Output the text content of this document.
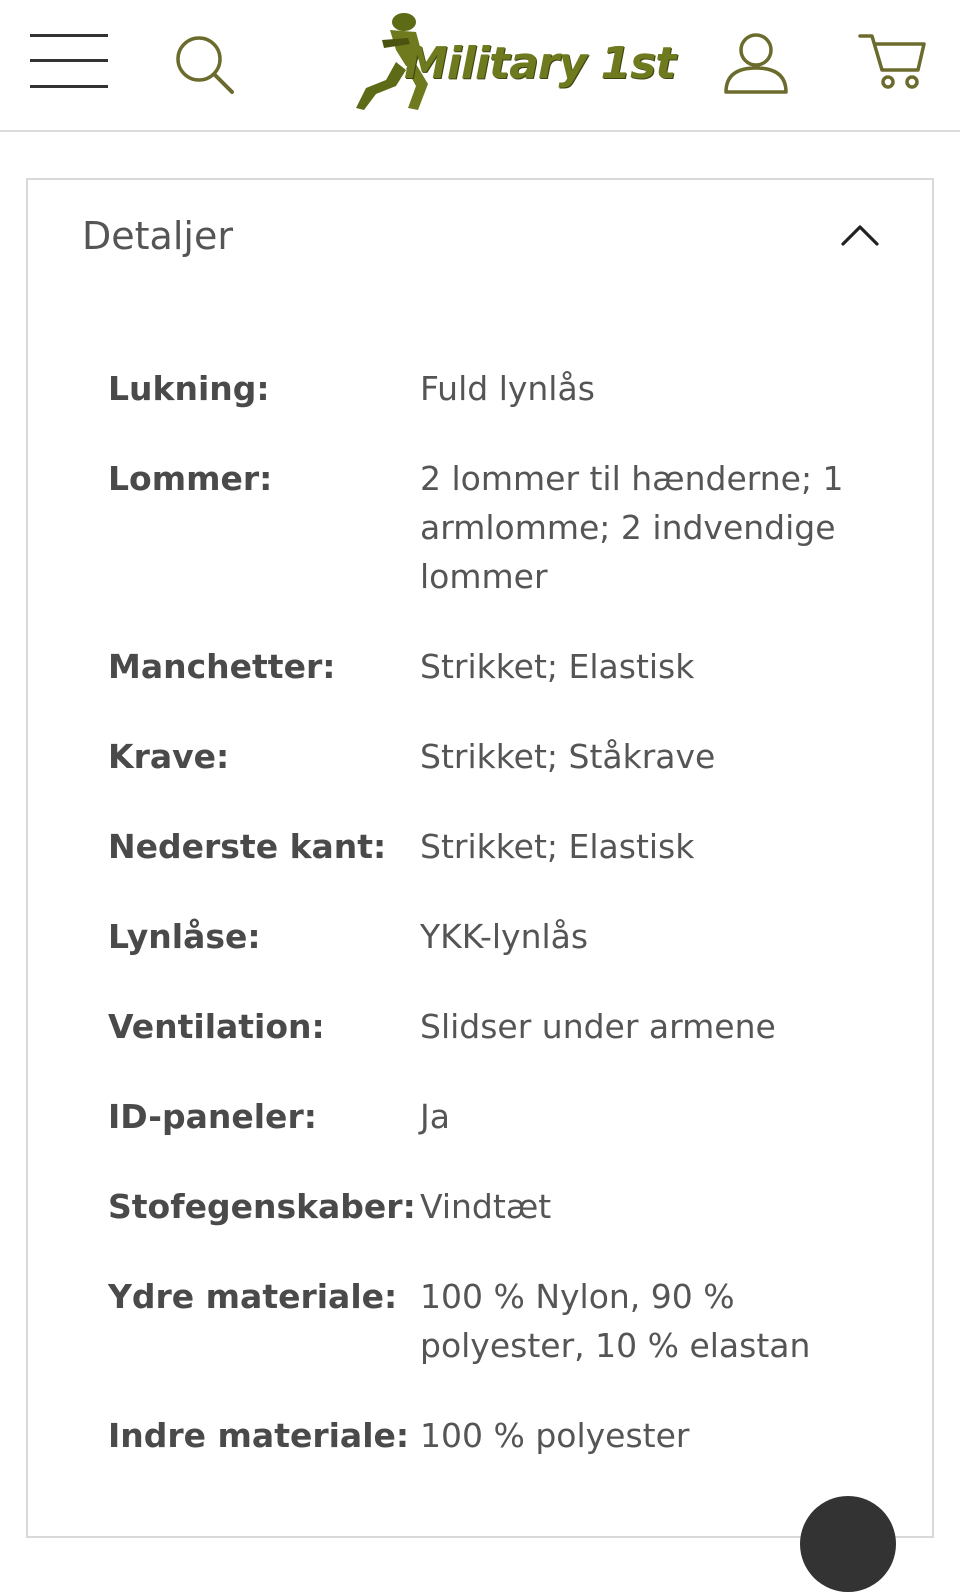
Military 1st
Detaljer
Lukning:	Fuld lynlås
Lommer:	2 lommer til hænderne; 1 armlomme; 2 indvendige lommer
Manchetter:	Strikket; Elastisk
Krave:	Strikket; Ståkrave
Nederste kant:	Strikket; Elastisk
Lynlåse:	YKK-lynlås
Ventilation:	Slidser under armene
ID-paneler:	Ja
Stofegenskaber: Vindtæt
Ydre materiale: 100 % Nylon, 90 % polyester, 10 % elastan
Indre materiale: 100 % polyester
